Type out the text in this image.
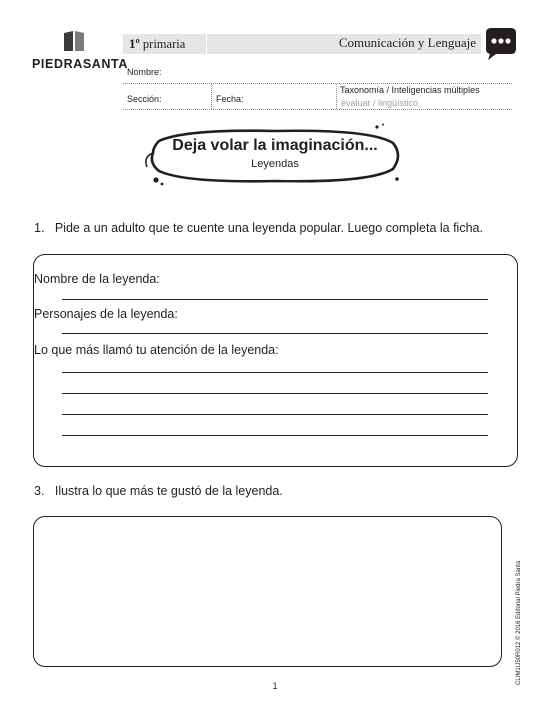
PIEDRASANTA
1º primaria	Comunicación y Lenguaje
Nombre:
Sección:	Fecha:
Taxonomía / Inteligencias múltiples
evaluar / lingüístico
Deja volar la imaginación...
Leyendas
1. Pide a un adulto que te cuente una leyenda popular. Luego completa la ficha.
Nombre de la leyenda:
Personajes de la leyenda:
Lo que más llamó tu atención de la leyenda:
3. Ilustra lo que más te gustó de la leyenda.
CLIM1IJ50R012 © 2016 Editorial Piedra Santa
1
